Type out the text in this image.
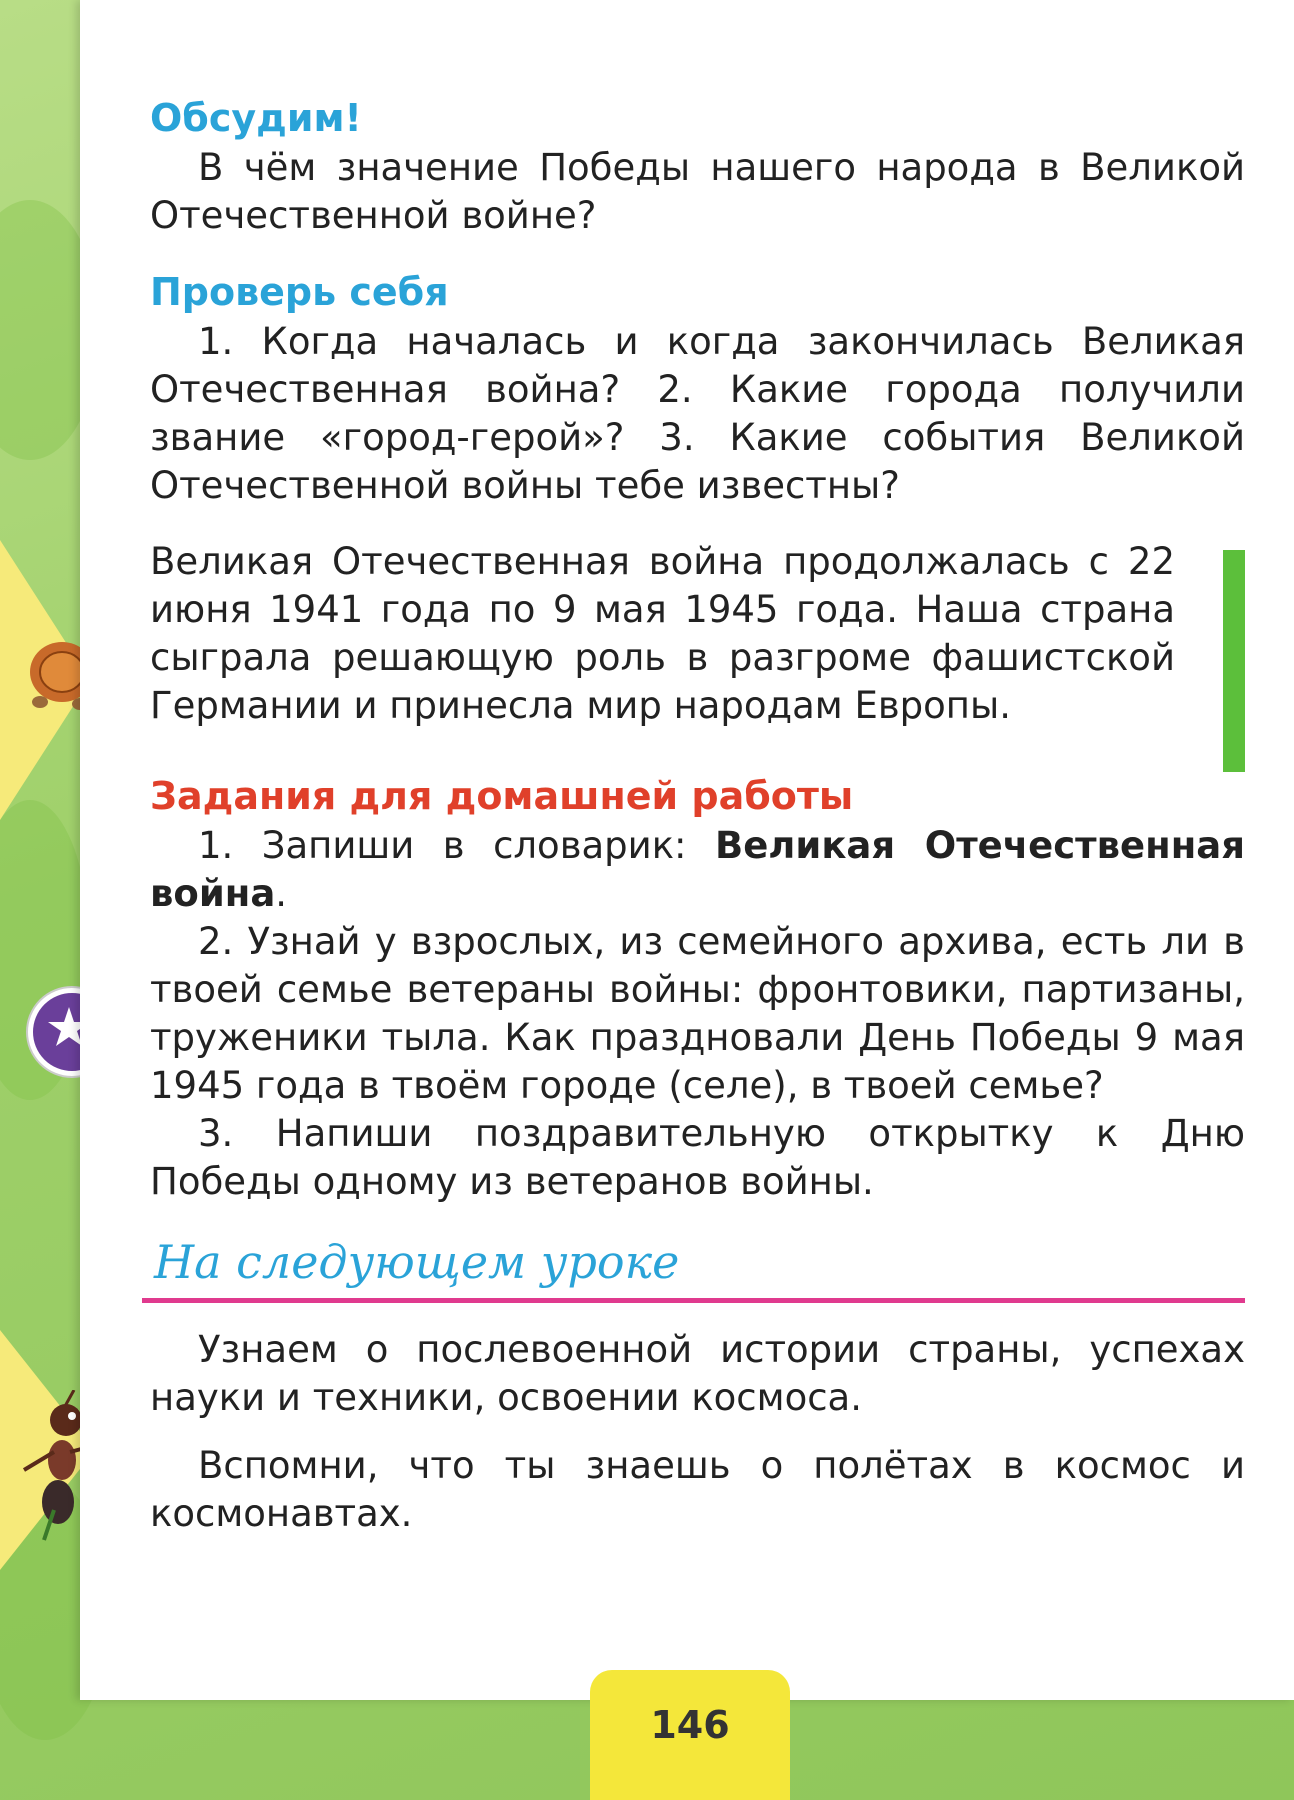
Обсудим!

В чём значение Победы нашего народа в Великой Отечественной войне?

Проверь себя

1. Когда началась и когда закончилась Великая Отечественная война? 2. Какие города получили звание «город-герой»? 3. Какие события Великой Отечественной войны тебе известны?

Великая Отечественная война продолжалась с 22 июня 1941 года по 9 мая 1945 года. Наша страна сыграла решающую роль в разгроме фашистской Германии и принесла мир народам Европы.

Задания для домашней работы

1. Запиши в словарик: Великая Отечественная война.

2. Узнай у взрослых, из семейного архива, есть ли в твоей семье ветераны войны: фронтовики, партизаны, труженики тыла. Как праздновали День Победы 9 мая 1945 года в твоём городе (селе), в твоей семье?

3. Напиши поздравительную открытку к Дню Победы одному из ветеранов войны.

На следующем уроке

Узнаем о послевоенной истории страны, успехах науки и техники, освоении космоса.

Вспомни, что ты знаешь о полётах в космос и космонавтах.

146
